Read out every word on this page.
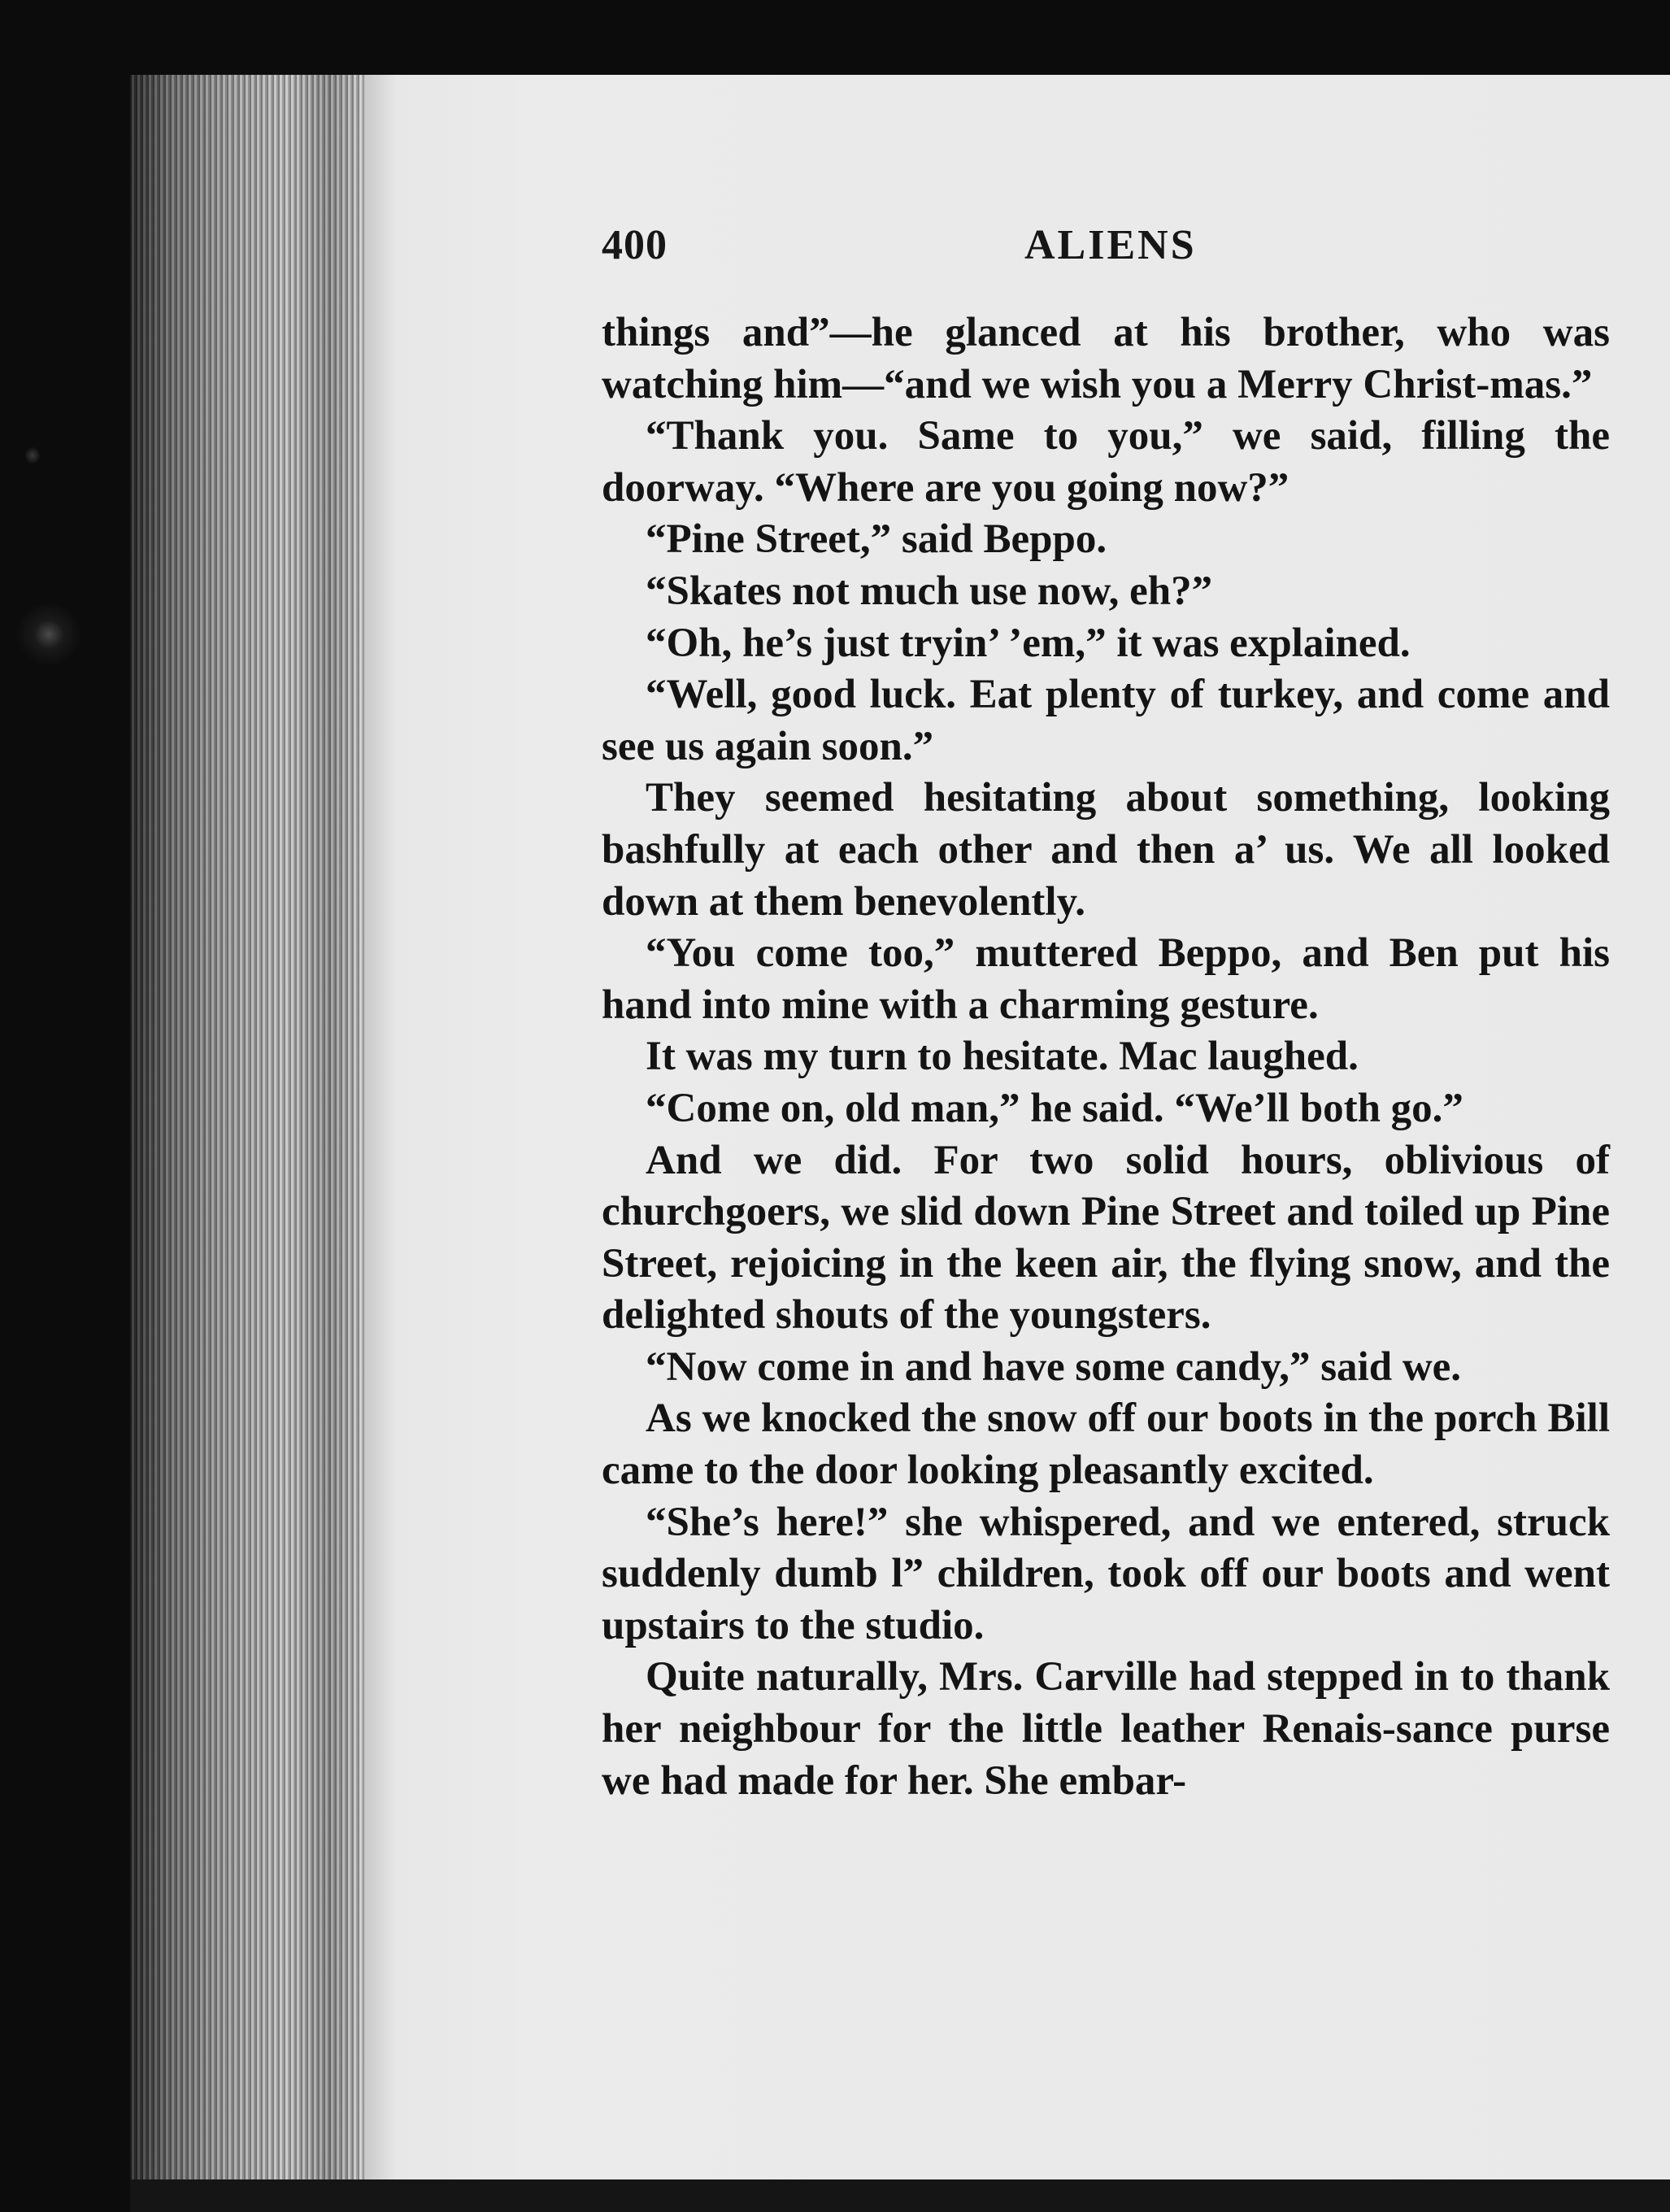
400	ALIENS

things and”—he glanced at his brother, who was watching him—“and we wish you a Merry Christ-mas.”

“Thank you. Same to you,” we said, filling the doorway. “Where are you going now?”

“Pine Street,” said Beppo.

“Skates not much use now, eh?”

“Oh, he’s just tryin’ ’em,” it was explained.

“Well, good luck. Eat plenty of turkey, and come and see us again soon.”

They seemed hesitating about something, looking bashfully at each other and then a’ us. We all looked down at them benevolently.

“You come too,” muttered Beppo, and Ben put his hand into mine with a charming gesture.

It was my turn to hesitate. Mac laughed.

“Come on, old man,” he said. “We’ll both go.”

And we did. For two solid hours, oblivious of churchgoers, we slid down Pine Street and toiled up Pine Street, rejoicing in the keen air, the flying snow, and the delighted shouts of the youngsters.

“Now come in and have some candy,” said we.

As we knocked the snow off our boots in the porch Bill came to the door looking pleasantly excited.

“She’s here!” she whispered, and we entered, struck suddenly dumb l” children, took off our boots and went upstairs to the studio.

Quite naturally, Mrs. Carville had stepped in to thank her neighbour for the little leather Renais-sance purse we had made for her. She embar-
